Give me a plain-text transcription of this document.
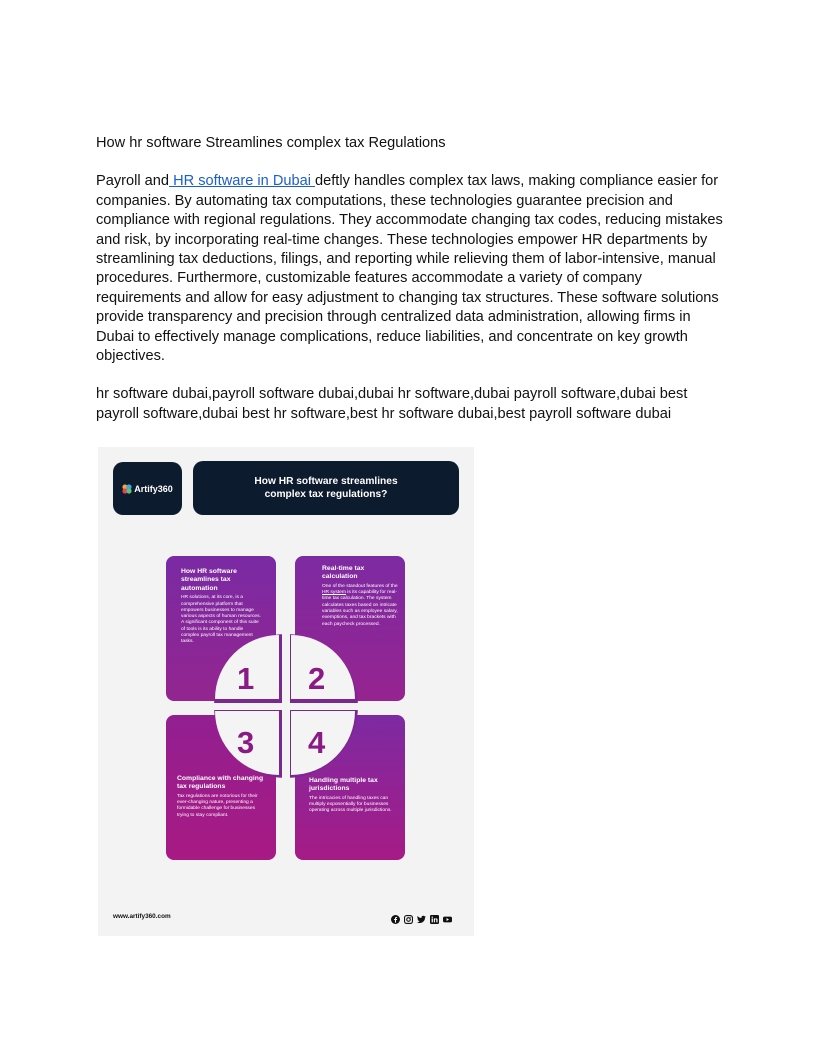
How hr software Streamlines complex tax Regulations

Payroll and HR software in Dubai deftly handles complex tax laws, making compliance easier for companies. By automating tax computations, these technologies guarantee precision and compliance with regional regulations. They accommodate changing tax codes, reducing mistakes and risk, by incorporating real-time changes. These technologies empower HR departments by streamlining tax deductions, filings, and reporting while relieving them of labor-intensive, manual procedures. Furthermore, customizable features accommodate a variety of company requirements and allow for easy adjustment to changing tax structures. These software solutions provide transparency and precision through centralized data administration, allowing firms in Dubai to effectively manage complications, reduce liabilities, and concentrate on key growth objectives.

hr software dubai,payroll software dubai,dubai hr software,dubai payroll software,dubai best payroll software,dubai best hr software,best hr software dubai,best payroll software dubai

Artify360
How HR software streamlines complex tax regulations?
How HR software streamlines tax automation
HR solutions, at its core, is a comprehensive platform that empowers businesses to manage various aspects of human resources. A significant component of this suite of tools is its ability to handle complex payroll tax management tasks.
Real-time tax calculation
One of the standout features of the HR system is its capability for real-time tax calculation. The system calculates taxes based on intricate variables such as employee salary, exemptions, and tax brackets with each paycheck processed.
Compliance with changing tax regulations
Tax regulations are notorious for their ever-changing nature, presenting a formidable challenge for businesses trying to stay compliant.
Handling multiple tax jurisdictions
The intricacies of handling taxes can multiply exponentially for businesses operating across multiple jurisdictions.
1 2
3 4
www.artify360.com
